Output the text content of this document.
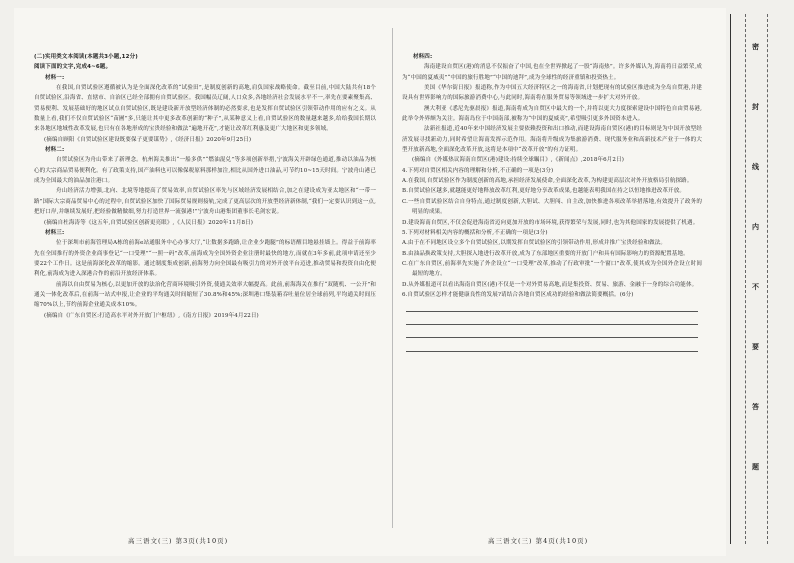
(二)实用类文本阅读(本题共3小题,12分)

阅读下面的文字,完成4~6题。

材料一:

在我国,自贸试验区遵循被认为是全面深化改革的“试验田”,是制度创新的高地,肩负国家战略使命。截至目前,中国大陆共有18个自贸试验区,沿海省、直辖市、自治区已经全部拥有自贸试验区。我国幅员辽阔,人口众多,各地经济社会发展水平不一,率先在要素聚集高、贸易便利、发展基础好的地区试点自贸试验区,既是建设新开放型经济体制的必然要求,也是发挥自贸试验区引领带动作用的应有之义。从数量上看,我们不仅自贸试验区“苗圃”多,只能让其中更多改革创新的“种子”,从某种意义上看,自贸试验区的数量越来越多,给给我国长期以来各地区地域性改革发展,也只有在各地形成的宝贵经验和做法“遍地开花”,才能让改革红利惠及更广大地区和更多领域。

(摘编自顾阳《自贸试验区建设既要保子更要谋势》,《经济日报》2020年9月25日)

材料二:

自贸试验区为舟山带来了新理念。杭州海关推出“一船多供”“燃油混兑”等多项创新举措,宁波海关开辟绿色通道,推动以油品为核心的大宗商品贸易便利化。有了政策支持,国产油料也可以像保税原料那样加注,相比从国外进口油品,可节约10~15天时间。宁波舟山港已成为全国最大的油品加注港口。

舟山经济活力增强,北向、北境等地提高了贸易效率,自贸试验区率先与区域经济发展相结合,加之在建设成为亚太地区和“一带一路”国际大宗商品贸易中心的过程中,自贸试验区加快了国际贸易规则接轨,完成了更高层次的开放型经济新体制,“我们一定要认识到这一点,把好口岸,并继续发展好,把经验做精做细,努力打造世界一流强港!”宁波舟山港集团董事长毛剑宏说。

(摘编自杜海涛等《这五年,自贸试验区创新更亮眼》,《人民日报》2020年11月8日)

材料三:

位于深圳市前海管理局A栋的前海e站通服务中心办事大厅,“让数据多跑路,让企业少跑腿”的标语醒目地悬挂墙上。得益于前海率先在全国推行的外资企业商事登记“一口受理”“一照一码”改革,前海成为全国外资企业注册时最快的地方,而就在3年多前,此项申请还至少要22个工作日。这是前海深化改革的缩影。通过制度集成创新,前海努力向全国最有吸引力的对外开放平台迈进,推动贸易和投资自由化便利化,前海成为进入深港合作的前沿开放经济体系。

前海以自由贸易为核心,以更加开放的法治化营商环境吸引外资,使通关效率大幅提高。此前,前海海关在推行“双随机、一公开”和通关一体化改革后,在前海一站式申报,让企业的平均通关时间缩短了30.8%和45%;深圳港口集装箱吞吐量位居全球前列,平均通关时间压缩70%以上,节约前海企业通关成本10%。

(摘编自《广东自贸区:打造高水平对外开放门户枢纽》,《南方日报》2019年4月22日)

材料四:

海南建设自贸区(港)的消息不仅振奋了中国,也在全世界掀起了一股“海南热”。许多外媒认为,海南将日益繁荣,成为“中国的夏威夷”“中国的旅行胜地”“中国的迪拜”,成为全球性的经济重镇和投资热土。

美国《华尔街日报》报道称,作为中国五大经济特区之一的海南省,计划把现有的试验区推进成为全岛自贸港,并建设具有世界影响力的国际旅游消费中心,与此同时,海南将在服务贸易等领域进一步扩大对外开放。

澳大利亚《悉尼先驱晨报》报道,海南将成为自贸区中最大的一个,并将以更大力度探索建设中国特色自由贸易港,此举令外界颇为关注。海南岛位于中国南部,被称为“中国的夏威夷”,希望吸引更多外国资本进入。

法新社报道,近40年来中国经济发展主要依赖投资和出口推动,而建设海南自贸区(港)的目标则是为中国开放型经济发展寻找新动力,同时希望让海南发挥示范作用。海南将升级成为集旅游消费、现代服务业和高新技术产业于一体的大型开放新高地,全面深化改革开放,这将是本项中“改革开放”的有力证明。

(摘编自《外媒热议海南自贸区(港)建设:持续全球瞩目》,《新闻点》,2018年6月2日)

4.下列对自贸区相关内容的理解和分析,不正确的一项是(3分)

A.在我国,自贸试验区作为制度创新的高地,承担经济发展使命,全面深化改革,为构建更高层次对外开放格局引航探路。

B.自贸试验区越多,就越能更好地释放改革红利,更好地分享改革成果,也越能表明我国在持之以恒地推进改革开放。

C.一些自贸试验区结合自身特点,通过制度创新,大胆试、大胆闯、自主改,加快推进各项改革举措落地,有效提升了政务的明显的成果。

D.建设海南自贸区,不仅会促进海南省迈向更加开放的市场环境,获得繁荣与发展,同时,也为其他国家的发展提供了机遇。

5.下列对材料相关内容的概括和分析,不正确的一项是(3分)

A.由于在不同地区设立多个自贸试验区,以期发挥自贸试验区的引领带动作用,形成并推广宝贵经验和做法。

B.由油品换政策支持,大胆探入地进行改革开放,成为了东部地区重要的开放门户和具有国际影响力的资源配置基地。

C.在广东自贸区,前海率先实施了外企设立“一口受理”改革,推动了行政审批“一个窗口”改革,使其成为全国外企设立时间最短的地方。

D.从外媒报道可以看出海南自贸区(港)不仅是一个对外贸易高地,而是集投资、贸易、旅游、金融于一身的综合功能体。

6.自贸试验区怎样才能健康良性的发展?请结合各地自贸区成功的经验和做法简要概括。(6分)

高三语文(三) 第3页(共10页)	高三语文(三) 第4页(共10页)
密
封
线
内
不
要
答
题
